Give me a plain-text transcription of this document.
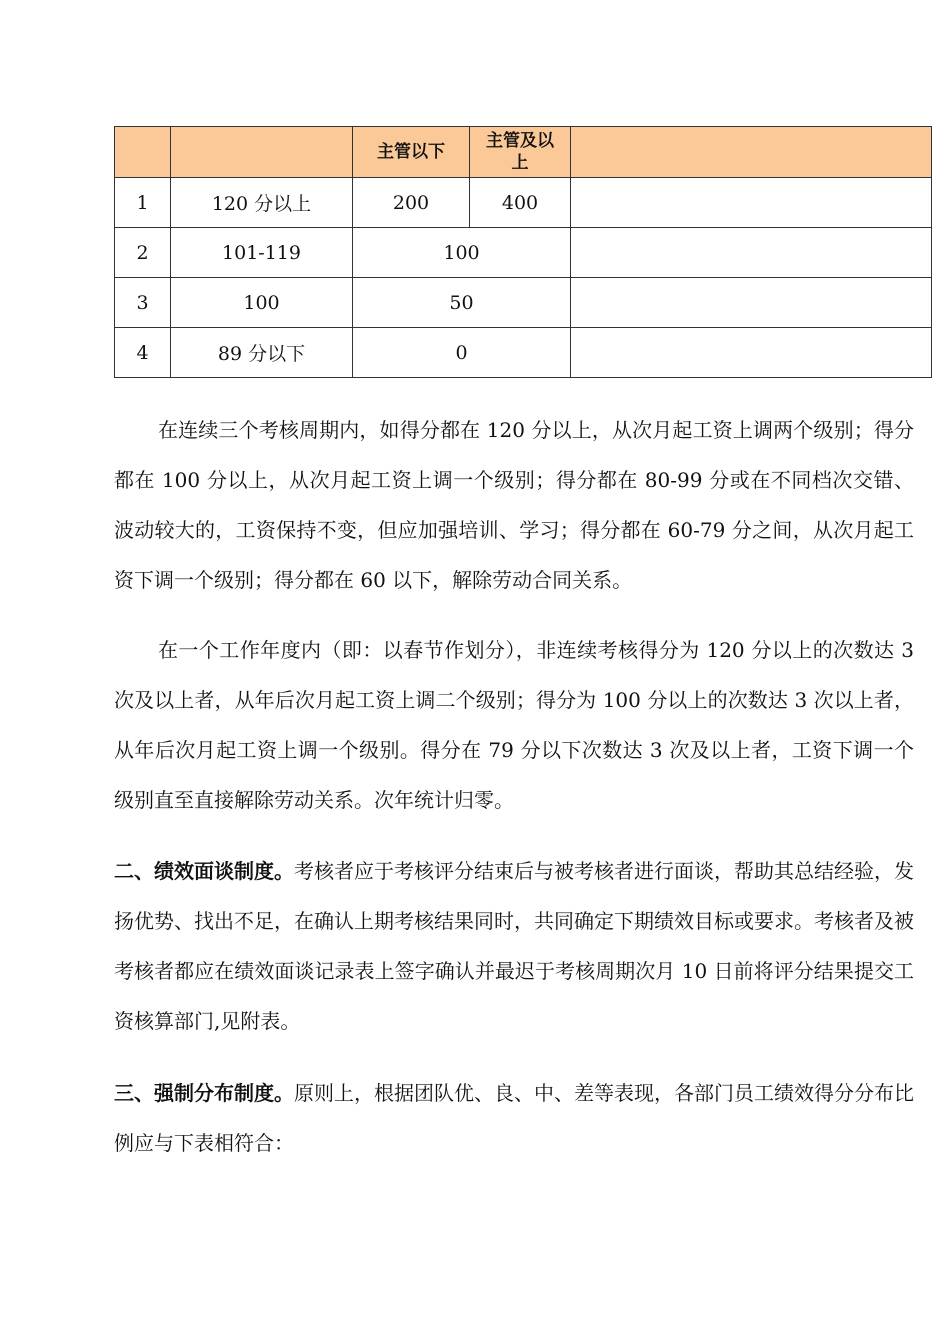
		主管以下	主管及以上	

1	120 分以上	200	400	
2	101-119	100		
3	100	50		
4	89 分以下	0		

在连续三个考核周期内，如得分都在 120 分以上，从次月起工资上调两个级别；得分都在 100 分以上，从次月起工资上调一个级别；得分都在 80-99 分或在不同档次交错、波动较大的，工资保持不变，但应加强培训、学习；得分都在 60-79 分之间，从次月起工资下调一个级别；得分都在 60 以下，解除劳动合同关系。

在一个工作年度内（即：以春节作划分），非连续考核得分为 120 分以上的次数达 3 次及以上者，从年后次月起工资上调二个级别；得分为 100 分以上的次数达 3 次以上者，从年后次月起工资上调一个级别。得分在 79 分以下次数达 3 次及以上者，工资下调一个级别直至直接解除劳动关系。次年统计归零。

二、绩效面谈制度。考核者应于考核评分结束后与被考核者进行面谈，帮助其总结经验，发扬优势、找出不足，在确认上期考核结果同时，共同确定下期绩效目标或要求。考核者及被考核者都应在绩效面谈记录表上签字确认并最迟于考核周期次月 10 日前将评分结果提交工资核算部门,见附表。

三、强制分布制度。原则上，根据团队优、良、中、差等表现，各部门员工绩效得分分布比例应与下表相符合：
